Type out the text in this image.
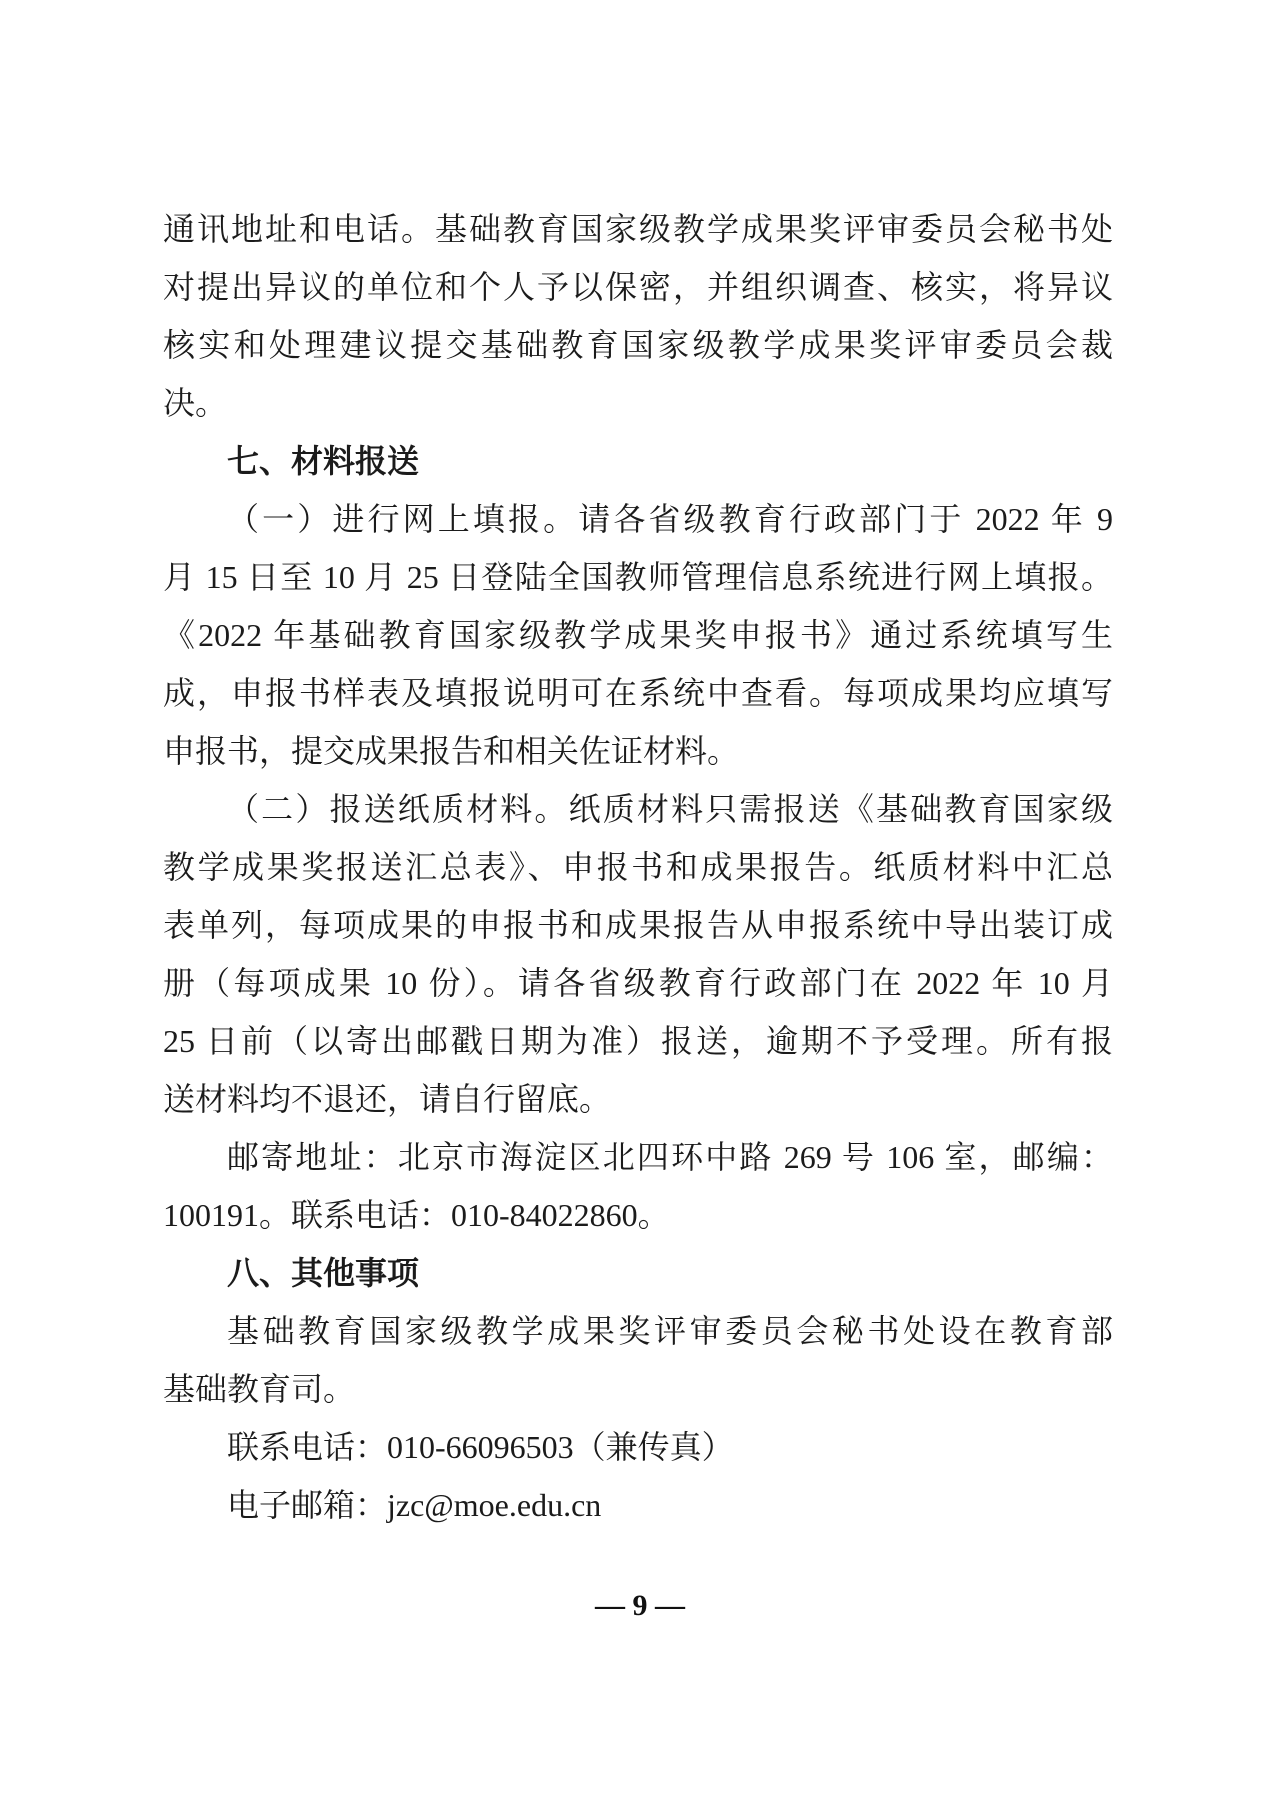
通讯地址和电话。基础教育国家级教学成果奖评审委员会秘书处
对提出异议的单位和个人予以保密，并组织调查、核实，将异议
核实和处理建议提交基础教育国家级教学成果奖评审委员会裁
决。
七、材料报送
（一）进行网上填报。请各省级教育行政部门于 2022 年 9
月 15 日至 10 月 25 日登陆全国教师管理信息系统进行网上填报。
《2022 年基础教育国家级教学成果奖申报书》通过系统填写生
成，申报书样表及填报说明可在系统中查看。每项成果均应填写
申报书，提交成果报告和相关佐证材料。
（二）报送纸质材料。纸质材料只需报送《基础教育国家级
教学成果奖报送汇总表》、申报书和成果报告。纸质材料中汇总
表单列，每项成果的申报书和成果报告从申报系统中导出装订成
册（每项成果 10 份）。请各省级教育行政部门在 2022 年 10 月
25 日前（以寄出邮戳日期为准）报送，逾期不予受理。所有报
送材料均不退还，请自行留底。
邮寄地址：北京市海淀区北四环中路 269 号 106 室，邮编：
100191。联系电话：010-84022860。
八、其他事项
基础教育国家级教学成果奖评审委员会秘书处设在教育部
基础教育司。
联系电话：010-66096503（兼传真）
电子邮箱：jzc@moe.edu.cn
— 9 —
